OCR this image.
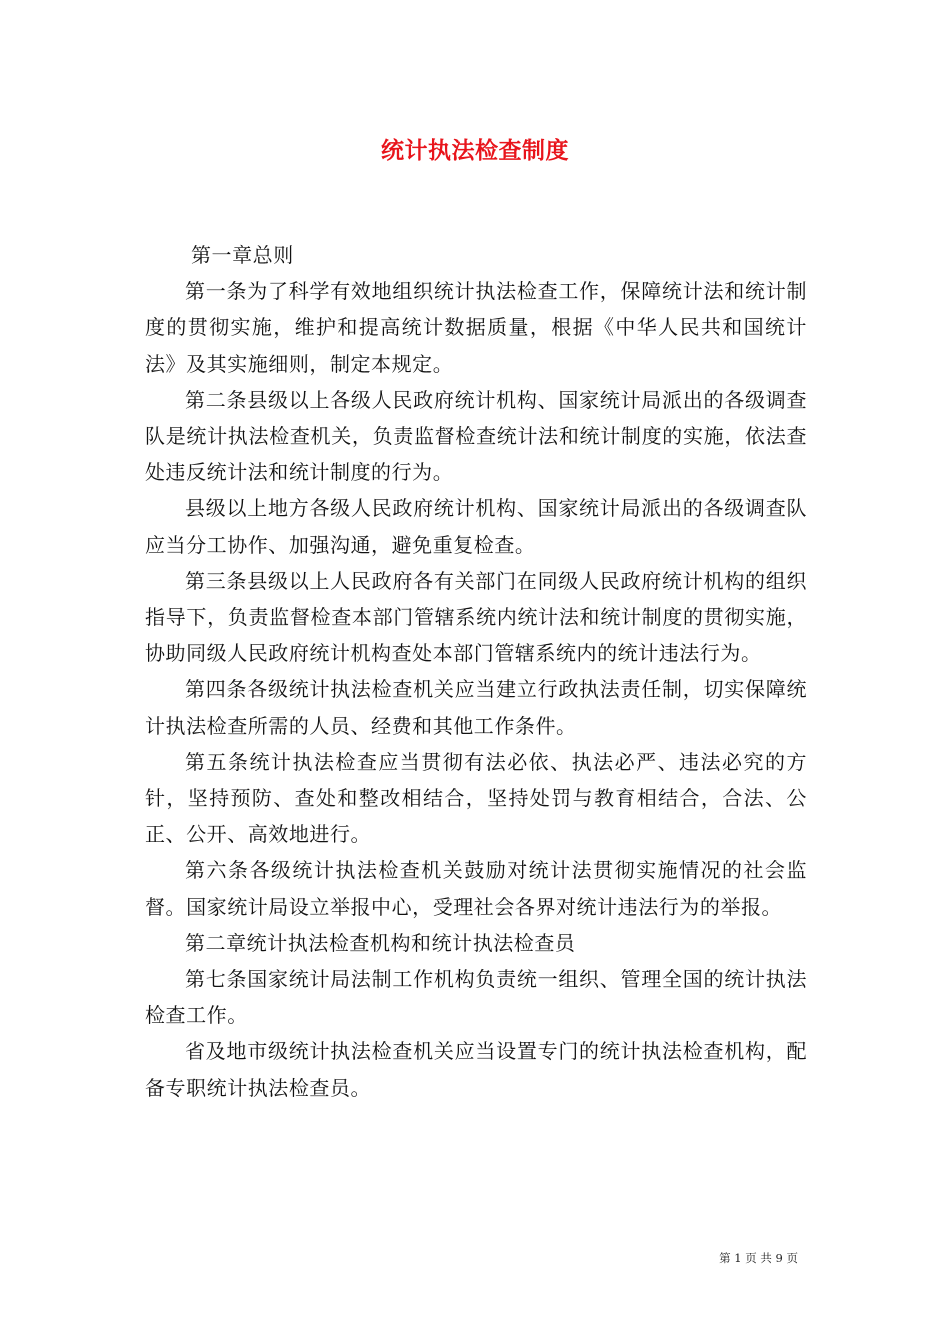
统计执法检查制度

第一章总则

第一条为了科学有效地组织统计执法检查工作，保障统计法和统计制度的贯彻实施，维护和提高统计数据质量，根据《中华人民共和国统计法》及其实施细则，制定本规定。

第二条县级以上各级人民政府统计机构、国家统计局派出的各级调查队是统计执法检查机关，负责监督检查统计法和统计制度的实施，依法查处违反统计法和统计制度的行为。

县级以上地方各级人民政府统计机构、国家统计局派出的各级调查队应当分工协作、加强沟通，避免重复检查。

第三条县级以上人民政府各有关部门在同级人民政府统计机构的组织指导下，负责监督检查本部门管辖系统内统计法和统计制度的贯彻实施，协助同级人民政府统计机构查处本部门管辖系统内的统计违法行为。

第四条各级统计执法检查机关应当建立行政执法责任制，切实保障统计执法检查所需的人员、经费和其他工作条件。

第五条统计执法检查应当贯彻有法必依、执法必严、违法必究的方针，坚持预防、查处和整改相结合，坚持处罚与教育相结合，合法、公正、公开、高效地进行。

第六条各级统计执法检查机关鼓励对统计法贯彻实施情况的社会监督。国家统计局设立举报中心，受理社会各界对统计违法行为的举报。

第二章统计执法检查机构和统计执法检查员

第七条国家统计局法制工作机构负责统一组织、管理全国的统计执法检查工作。

省及地市级统计执法检查机关应当设置专门的统计执法检查机构，配备专职统计执法检查员。

第 1 页 共 9 页
